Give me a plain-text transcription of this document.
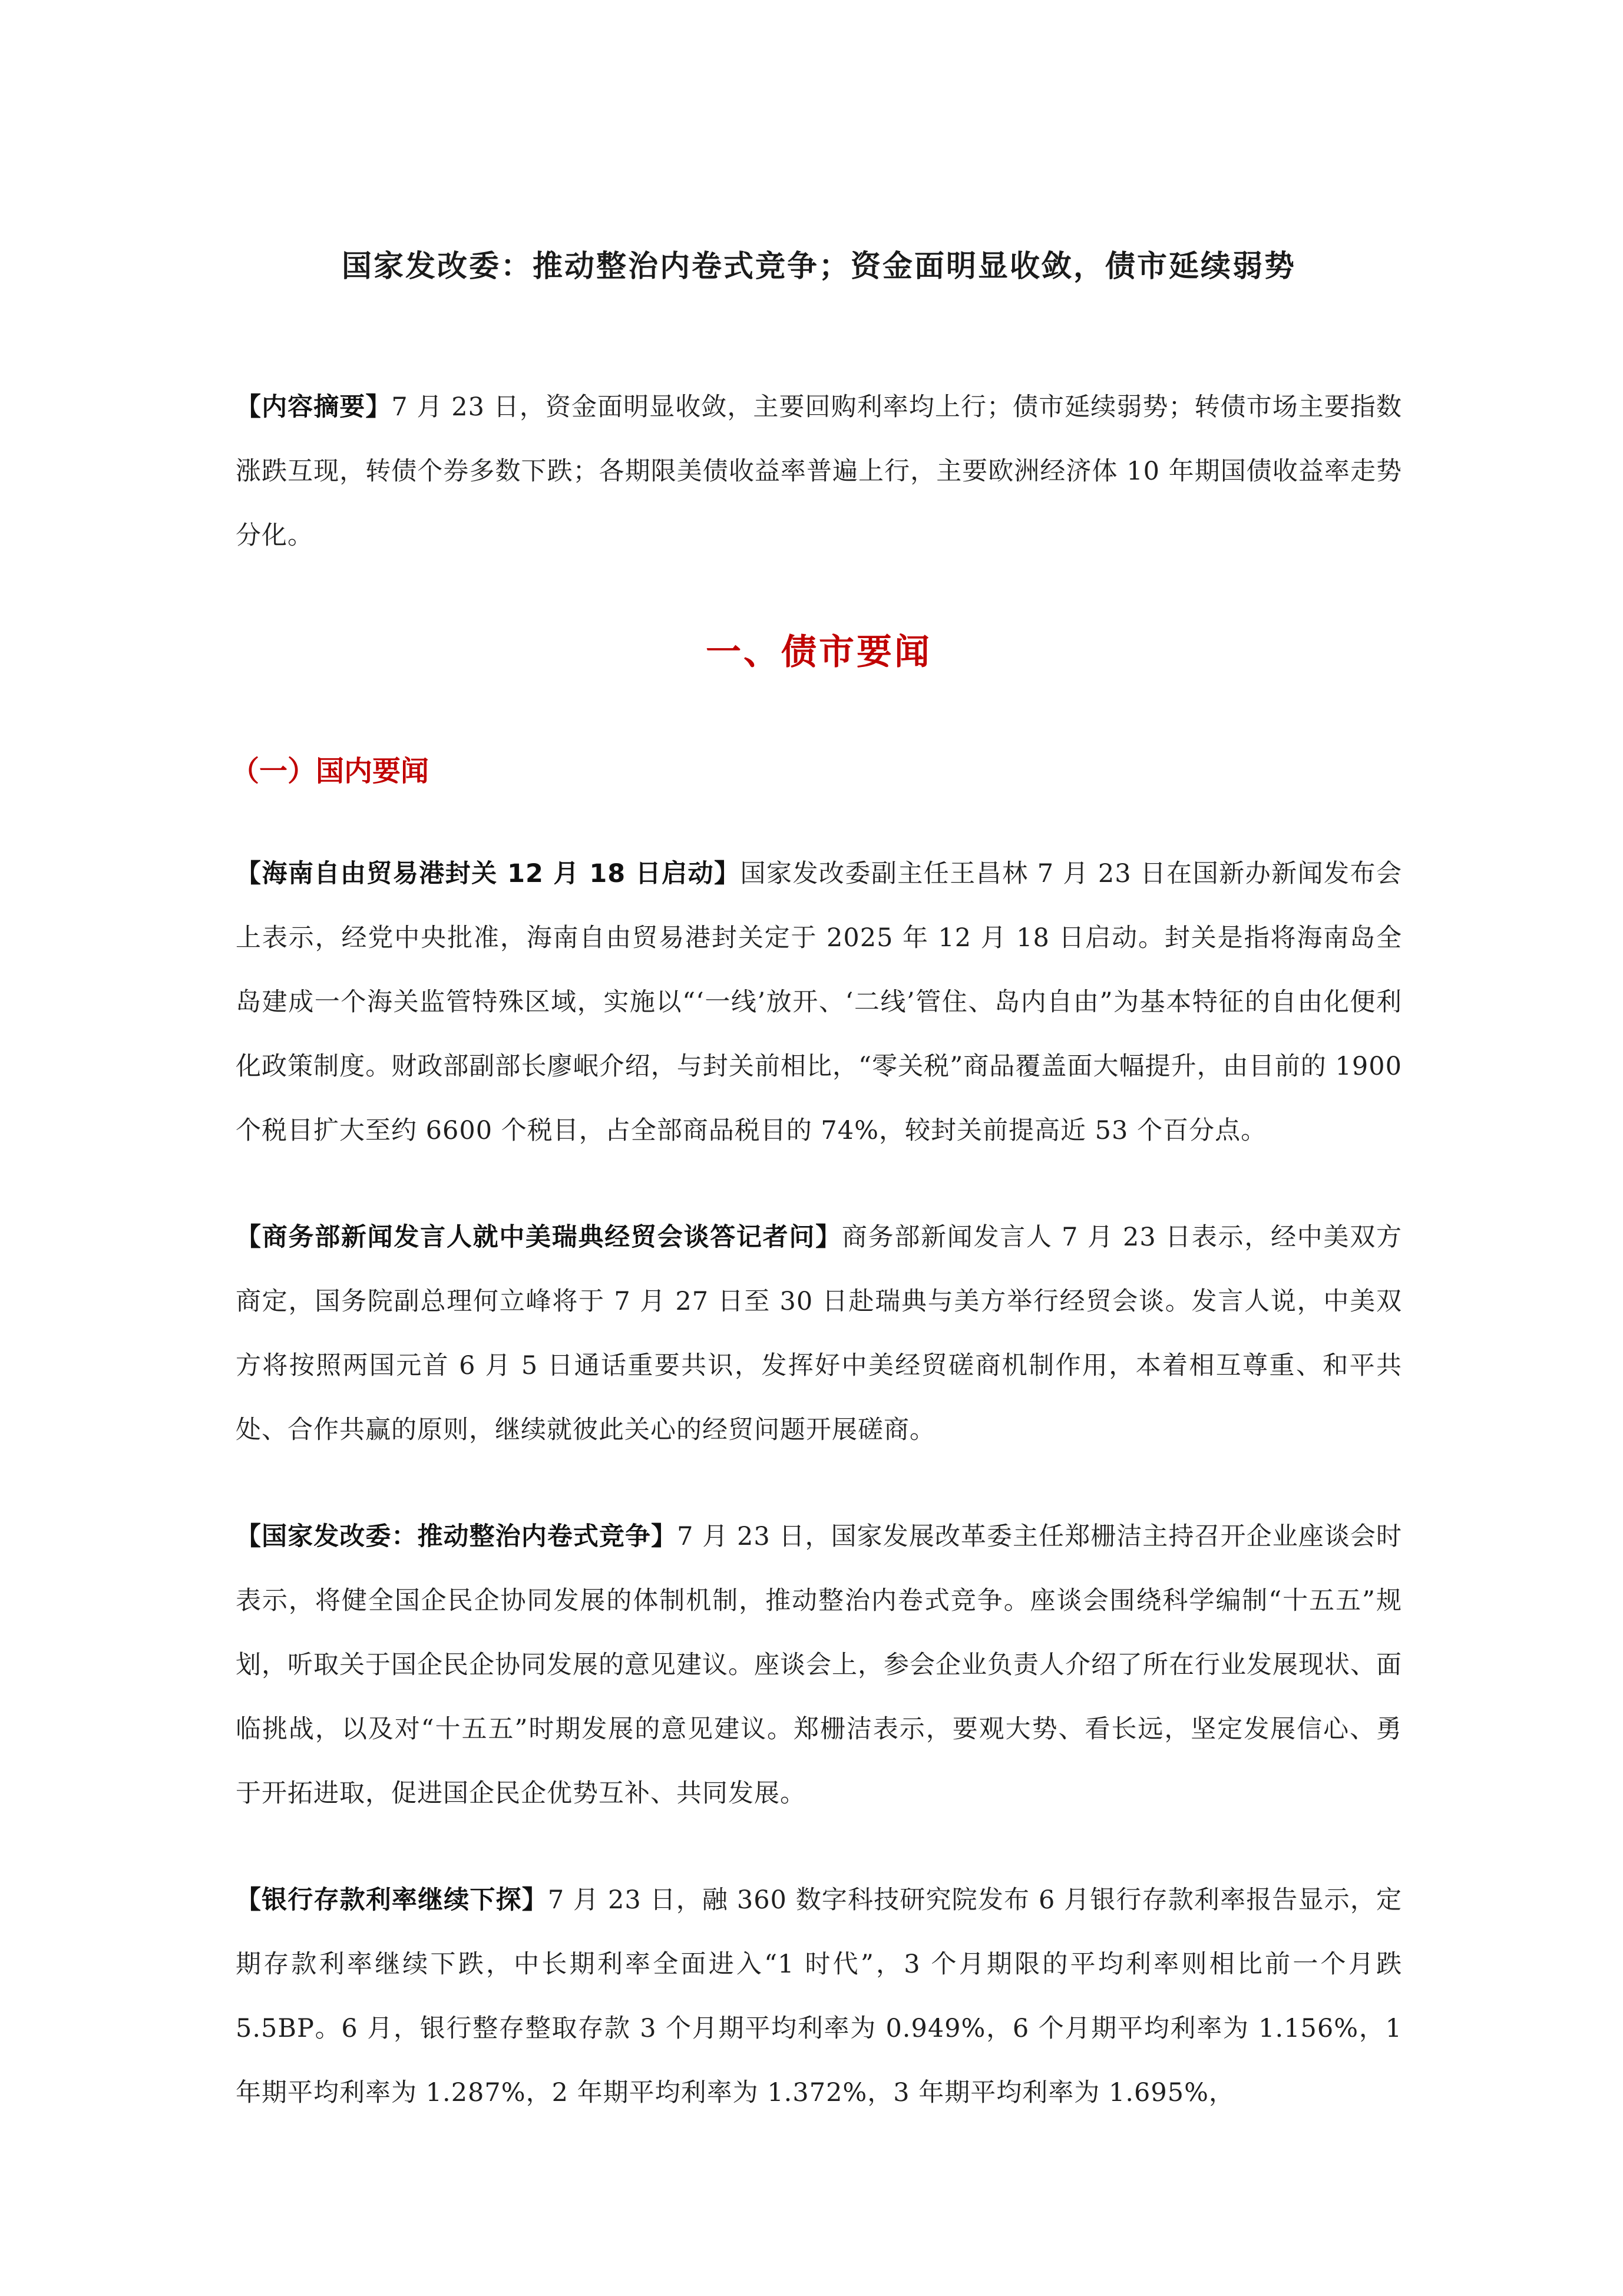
国家发改委：推动整治内卷式竞争；资金面明显收敛，债市延续弱势

【内容摘要】7 月 23 日，资金面明显收敛，主要回购利率均上行；债市延续弱势；转债市场主要指数涨跌互现，转债个券多数下跌；各期限美债收益率普遍上行，主要欧洲经济体 10 年期国债收益率走势分化。

一、债市要闻
（一）国内要闻

【海南自由贸易港封关 12 月 18 日启动】国家发改委副主任王昌林 7 月 23 日在国新办新闻发布会上表示，经党中央批准，海南自由贸易港封关定于 2025 年 12 月 18 日启动。封关是指将海南岛全岛建成一个海关监管特殊区域，实施以“‘一线’放开、‘二线’管住、岛内自由”为基本特征的自由化便利化政策制度。财政部副部长廖岷介绍，与封关前相比，“零关税”商品覆盖面大幅提升，由目前的 1900 个税目扩大至约 6600 个税目，占全部商品税目的 74%，较封关前提高近 53 个百分点。

【商务部新闻发言人就中美瑞典经贸会谈答记者问】商务部新闻发言人 7 月 23 日表示，经中美双方商定，国务院副总理何立峰将于 7 月 27 日至 30 日赴瑞典与美方举行经贸会谈。发言人说，中美双方将按照两国元首 6 月 5 日通话重要共识，发挥好中美经贸磋商机制作用，本着相互尊重、和平共处、合作共赢的原则，继续就彼此关心的经贸问题开展磋商。

【国家发改委：推动整治内卷式竞争】7 月 23 日，国家发展改革委主任郑栅洁主持召开企业座谈会时表示，将健全国企民企协同发展的体制机制，推动整治内卷式竞争。座谈会围绕科学编制“十五五”规划，听取关于国企民企协同发展的意见建议。座谈会上，参会企业负责人介绍了所在行业发展现状、面临挑战，以及对“十五五”时期发展的意见建议。郑栅洁表示，要观大势、看长远，坚定发展信心、勇于开拓进取，促进国企民企优势互补、共同发展。

【银行存款利率继续下探】7 月 23 日，融 360 数字科技研究院发布 6 月银行存款利率报告显示，定期存款利率继续下跌，中长期利率全面进入“1 时代”，3 个月期限的平均利率则相比前一个月跌 5.5BP。6 月，银行整存整取存款 3 个月期平均利率为 0.949%，6 个月期平均利率为 1.156%，1 年期平均利率为 1.287%，2 年期平均利率为 1.372%，3 年期平均利率为 1.695%，
